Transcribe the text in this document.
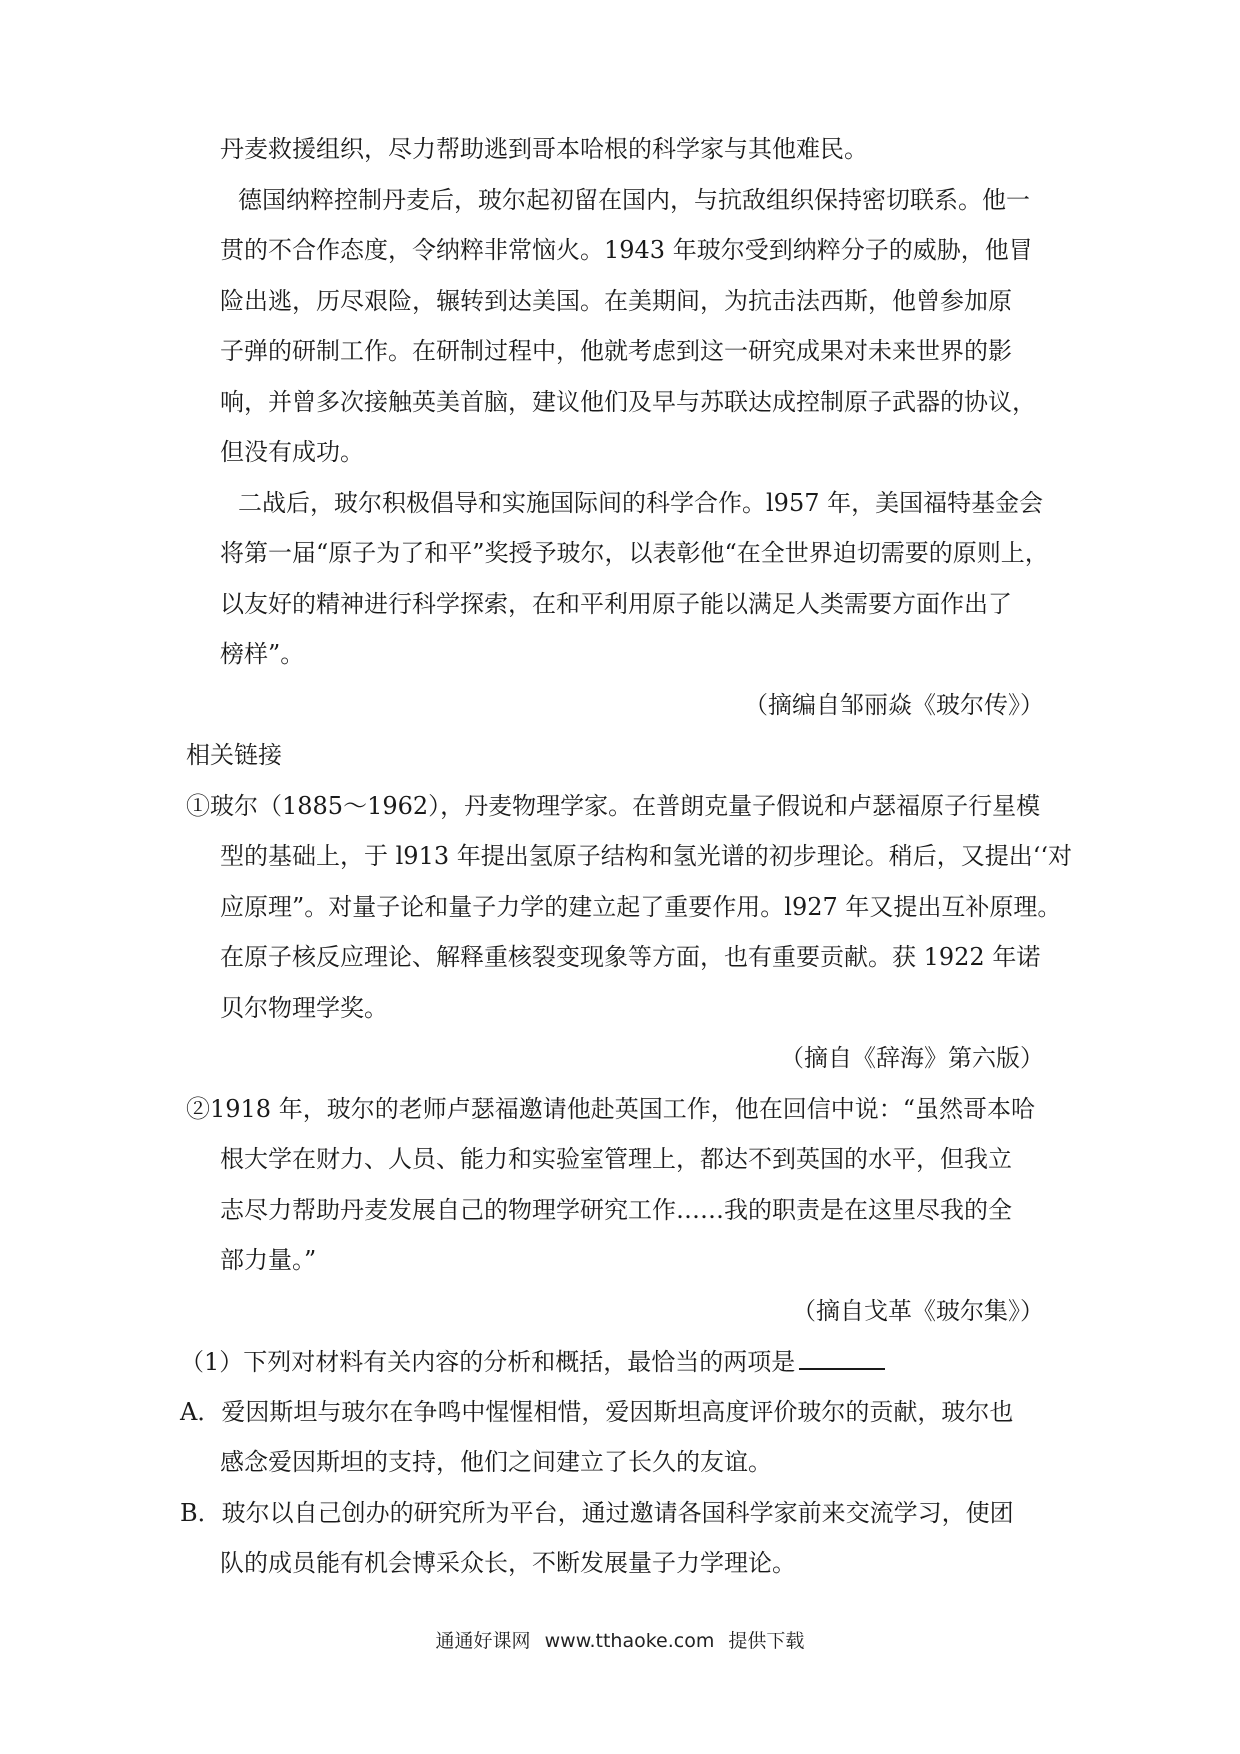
丹麦救援组织，尽力帮助逃到哥本哈根的科学家与其他难民。
德国纳粹控制丹麦后，玻尔起初留在国内，与抗敌组织保持密切联系。他一
贯的不合作态度，令纳粹非常恼火。1943 年玻尔受到纳粹分子的威胁，他冒
险出逃，历尽艰险，辗转到达美国。在美期间，为抗击法西斯，他曾参加原
子弹的研制工作。在研制过程中，他就考虑到这一研究成果对未来世界的影
响，并曾多次接触英美首脑，建议他们及早与苏联达成控制原子武器的协议，
但没有成功。
二战后，玻尔积极倡导和实施国际间的科学合作。l957 年，美国福特基金会
将第一届“原子为了和平”奖授予玻尔，以表彰他“在全世界迫切需要的原则上，
以友好的精神进行科学探索，在和平利用原子能以满足人类需要方面作出了
榜样”。
（摘编自邹丽焱《玻尔传》）
相关链接
①玻尔（1885～1962），丹麦物理学家。在普朗克量子假说和卢瑟福原子行星模
型的基础上，于 l913 年提出氢原子结构和氢光谱的初步理论。稍后，又提出‘‘对
应原理”。对量子论和量子力学的建立起了重要作用。l927 年又提出互补原理。
在原子核反应理论、解释重核裂变现象等方面，也有重要贡献。获 1922 年诺
贝尔物理学奖。
（摘自《辞海》第六版）
②1918 年，玻尔的老师卢瑟福邀请他赴英国工作，他在回信中说：“虽然哥本哈
根大学在财力、人员、能力和实验室管理上，都达不到英国的水平，但我立
志尽力帮助丹麦发展自己的物理学研究工作……我的职责是在这里尽我的全
部力量。”
（摘自戈革《玻尔集》）
（1）下列对材料有关内容的分析和概括，最恰当的两项是
A．爱因斯坦与玻尔在争鸣中惺惺相惜，爱因斯坦高度评价玻尔的贡献，玻尔也
感念爱因斯坦的支持，他们之间建立了长久的友谊。
B．玻尔以自己创办的研究所为平台，通过邀请各国科学家前来交流学习，使团
队的成员能有机会博采众长，不断发展量子力学理论。
通通好课网 www.tthaoke.com 提供下载
